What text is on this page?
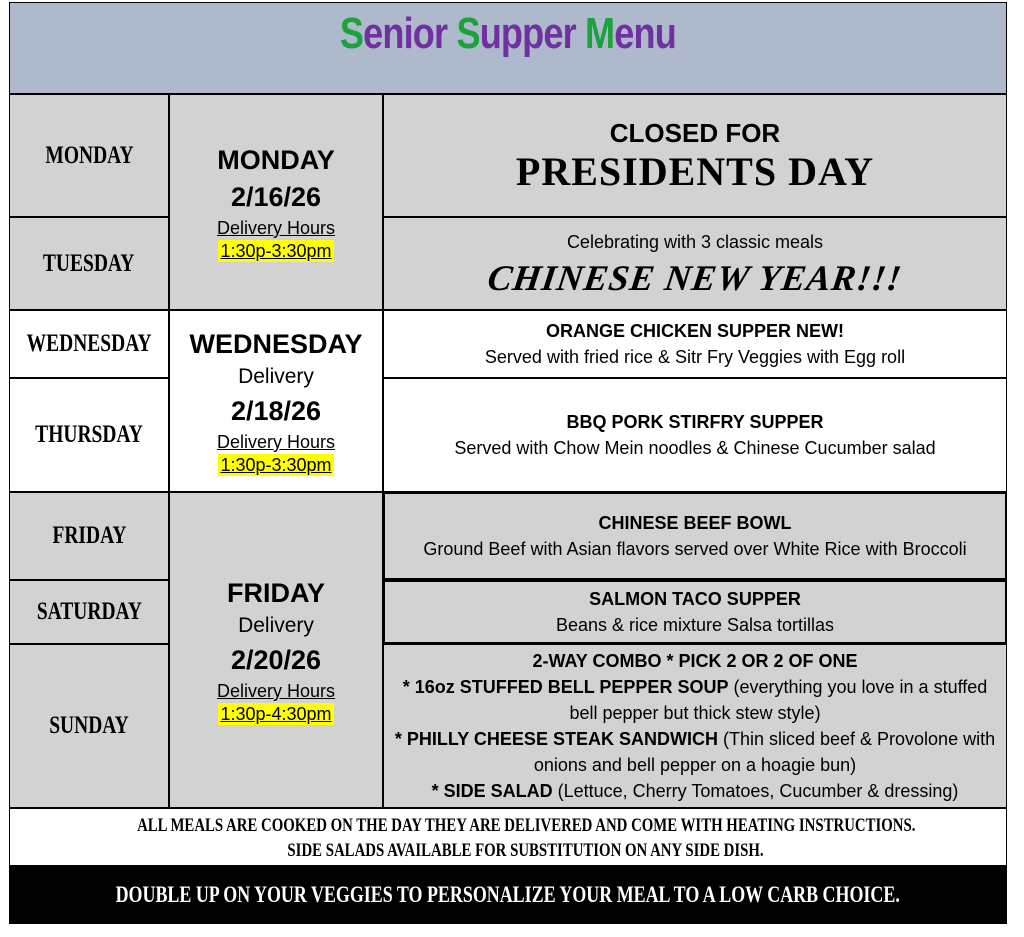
Senior Supper Menu
MONDAY
TUESDAY
WEDNESDAY
THURSDAY
FRIDAY
SATURDAY
SUNDAY
MONDAY
2/16/26
Delivery Hours
1:30p-3:30pm
WEDNESDAY
Delivery
2/18/26
Delivery Hours
1:30p-3:30pm
FRIDAY
Delivery
2/20/26
Delivery Hours
1:30p-4:30pm
CLOSED FOR
PRESIDENTS DAY
Celebrating with 3 classic meals
CHINESE NEW YEAR!!!
ORANGE CHICKEN SUPPER NEW!
Served with fried rice & Sitr Fry Veggies with Egg roll
BBQ PORK STIRFRY SUPPER
Served with Chow Mein noodles & Chinese Cucumber salad
CHINESE BEEF BOWL
Ground Beef with Asian flavors served over White Rice with Broccoli
SALMON TACO SUPPER
Beans & rice mixture Salsa tortillas
2-WAY COMBO * PICK 2 OR 2 OF ONE
* 16oz STUFFED BELL PEPPER SOUP (everything you love in a stuffed bell pepper but thick stew style)
* PHILLY CHEESE STEAK SANDWICH (Thin sliced beef & Provolone with onions and bell pepper on a hoagie bun)
* SIDE SALAD (Lettuce, Cherry Tomatoes, Cucumber & dressing)
ALL MEALS ARE COOKED ON THE DAY THEY ARE DELIVERED AND COME WITH HEATING INSTRUCTIONS.
SIDE SALADS AVAILABLE FOR SUBSTITUTION ON ANY SIDE DISH.
DOUBLE UP ON YOUR VEGGIES TO PERSONALIZE YOUR MEAL TO A LOW CARB CHOICE.
